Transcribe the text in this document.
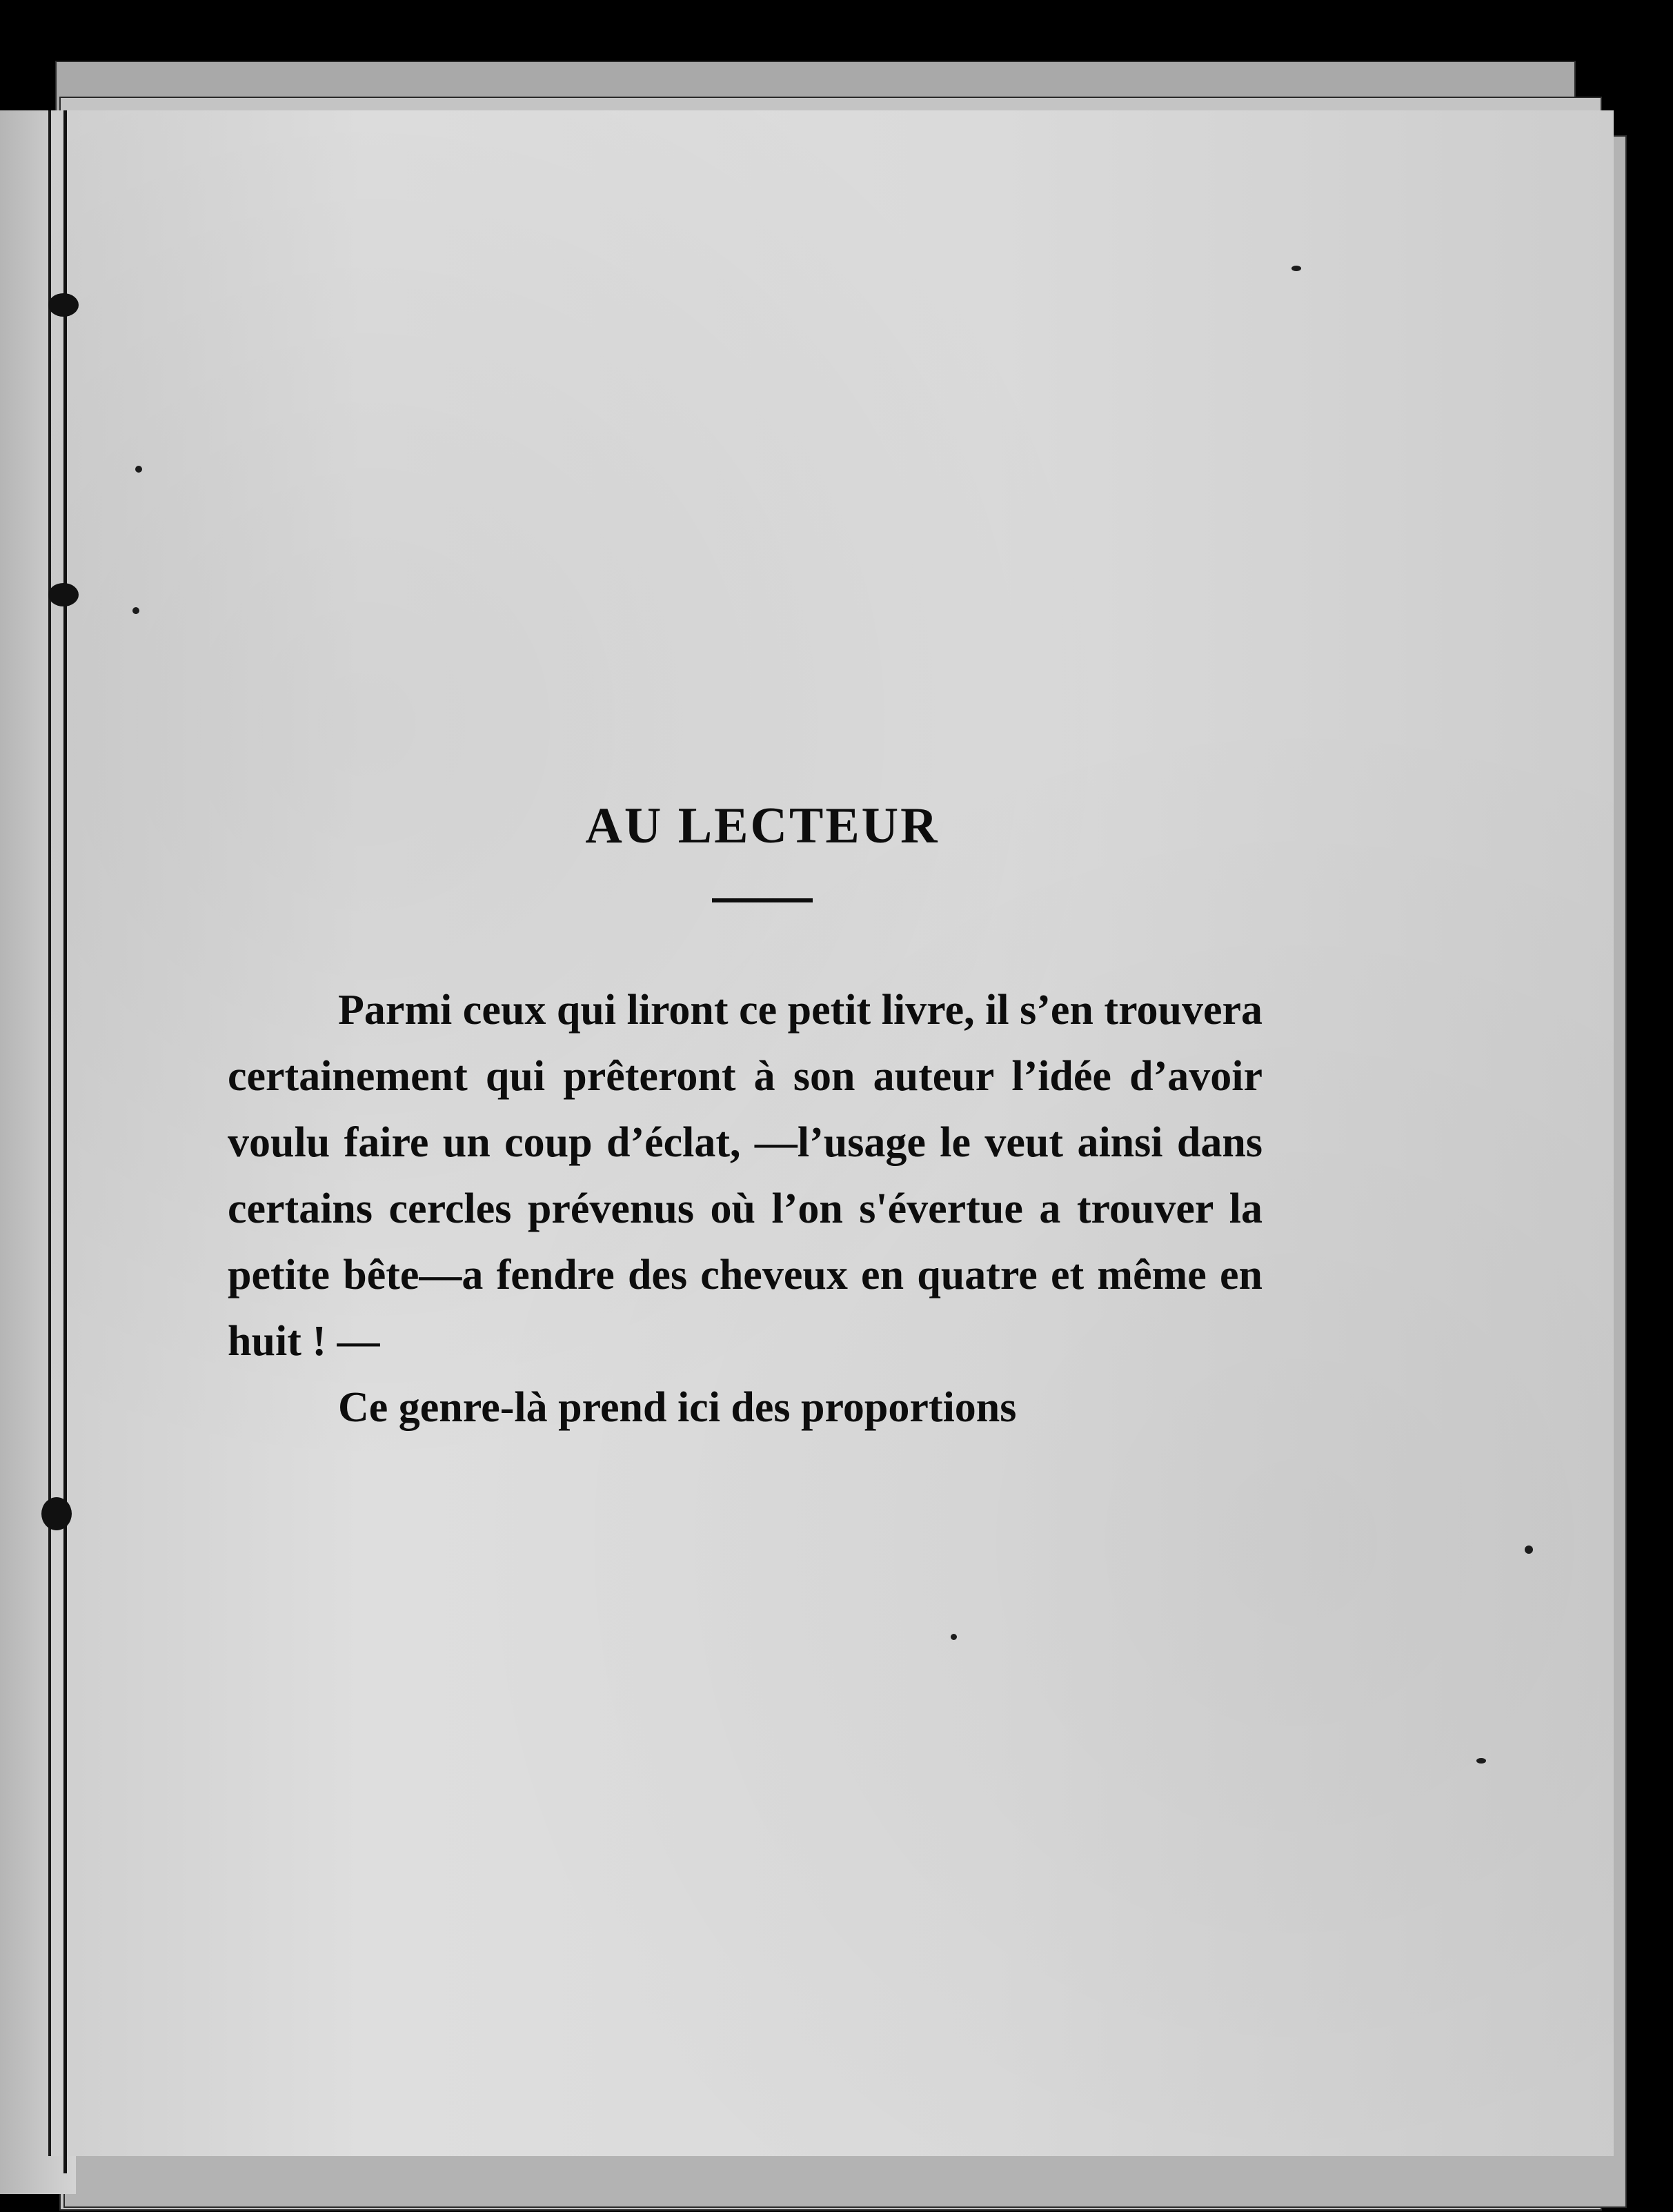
AU LECTEUR

Parmi ceux qui liront ce petit livre, il s’en trouvera certainement qui prêteront à son auteur l’idée d’avoir voulu faire un coup d’éclat, —l’usage le veut ainsi dans certains cercles prévenus où l’on s'évertue a trouver la petite bête—a fendre des cheveux en quatre et même en huit ! —

Ce genre-là prend ici des proportions
